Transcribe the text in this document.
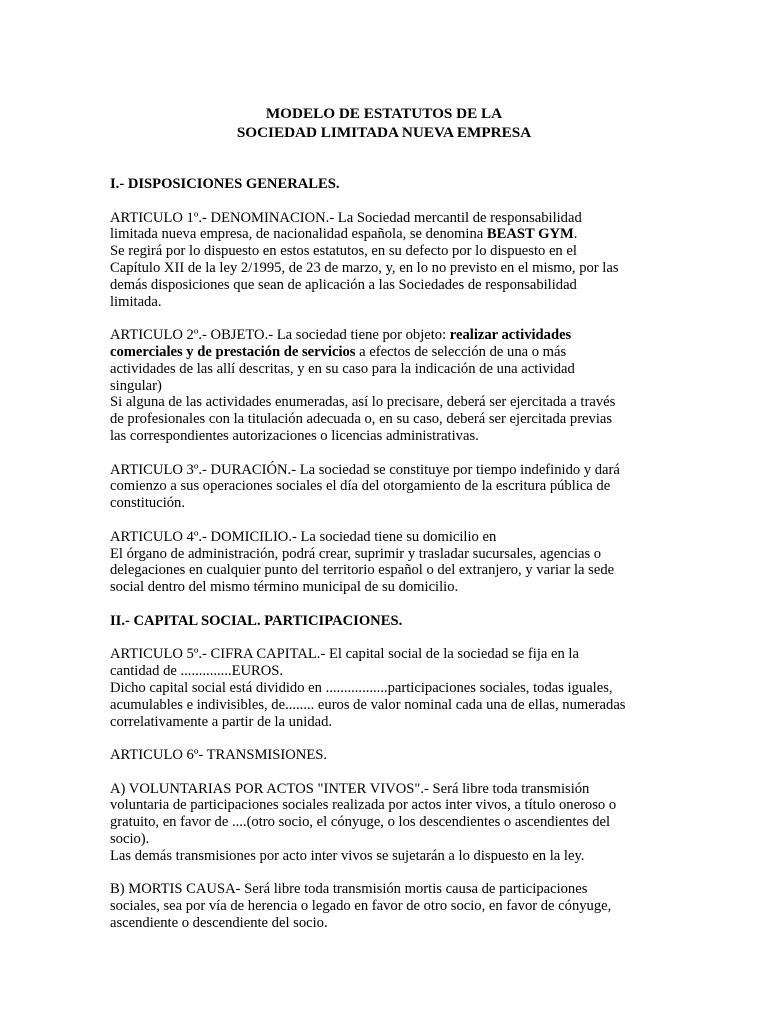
MODELO DE ESTATUTOS DE LA
SOCIEDAD LIMITADA NUEVA EMPRESA
I.- DISPOSICIONES GENERALES.
ARTICULO 1º.- DENOMINACION.- La Sociedad mercantil de responsabilidad
limitada nueva empresa, de nacionalidad española, se denomina BEAST GYM.
Se regirá por lo dispuesto en estos estatutos, en su defecto por lo dispuesto en el
Capítulo XII de la ley 2/1995, de 23 de marzo, y, en lo no previsto en el mismo, por las
demás disposiciones que sean de aplicación a las Sociedades de responsabilidad
limitada.
ARTICULO 2º.- OBJETO.- La sociedad tiene por objeto: realizar actividades
comerciales y de prestación de servicios a efectos de selección de una o más
actividades de las allí descritas, y en su caso para la indicación de una actividad
singular)
Si alguna de las actividades enumeradas, así lo precisare, deberá ser ejercitada a través
de profesionales con la titulación adecuada o, en su caso, deberá ser ejercitada previas
las correspondientes autorizaciones o licencias administrativas.
ARTICULO 3º.- DURACIÓN.- La sociedad se constituye por tiempo indefinido y dará
comienzo a sus operaciones sociales el día del otorgamiento de la escritura pública de
constitución.
ARTICULO 4º.- DOMICILIO.- La sociedad tiene su domicilio en
El órgano de administración, podrá crear, suprimir y trasladar sucursales, agencias o
delegaciones en cualquier punto del territorio español o del extranjero, y variar la sede
social dentro del mismo término municipal de su domicilio.
II.- CAPITAL SOCIAL. PARTICIPACIONES.
ARTICULO 5º.- CIFRA CAPITAL.- El capital social de la sociedad se fija en la
cantidad de ..............EUROS.
Dicho capital social está dividido en .................participaciones sociales, todas iguales,
acumulables e indivisibles, de........ euros de valor nominal cada una de ellas, numeradas
correlativamente a partir de la unidad.
ARTICULO 6º- TRANSMISIONES.
A) VOLUNTARIAS POR ACTOS "INTER VIVOS".- Será libre toda transmisión
voluntaria de participaciones sociales realizada por actos inter vivos, a título oneroso o
gratuito, en favor de ....(otro socio, el cónyuge, o los descendientes o ascendientes del
socio).
Las demás transmisiones por acto inter vivos se sujetarán a lo dispuesto en la ley.
B) MORTIS CAUSA- Será libre toda transmisión mortis causa de participaciones
sociales, sea por vía de herencia o legado en favor de otro socio, en favor de cónyuge,
ascendiente o descendiente del socio.
